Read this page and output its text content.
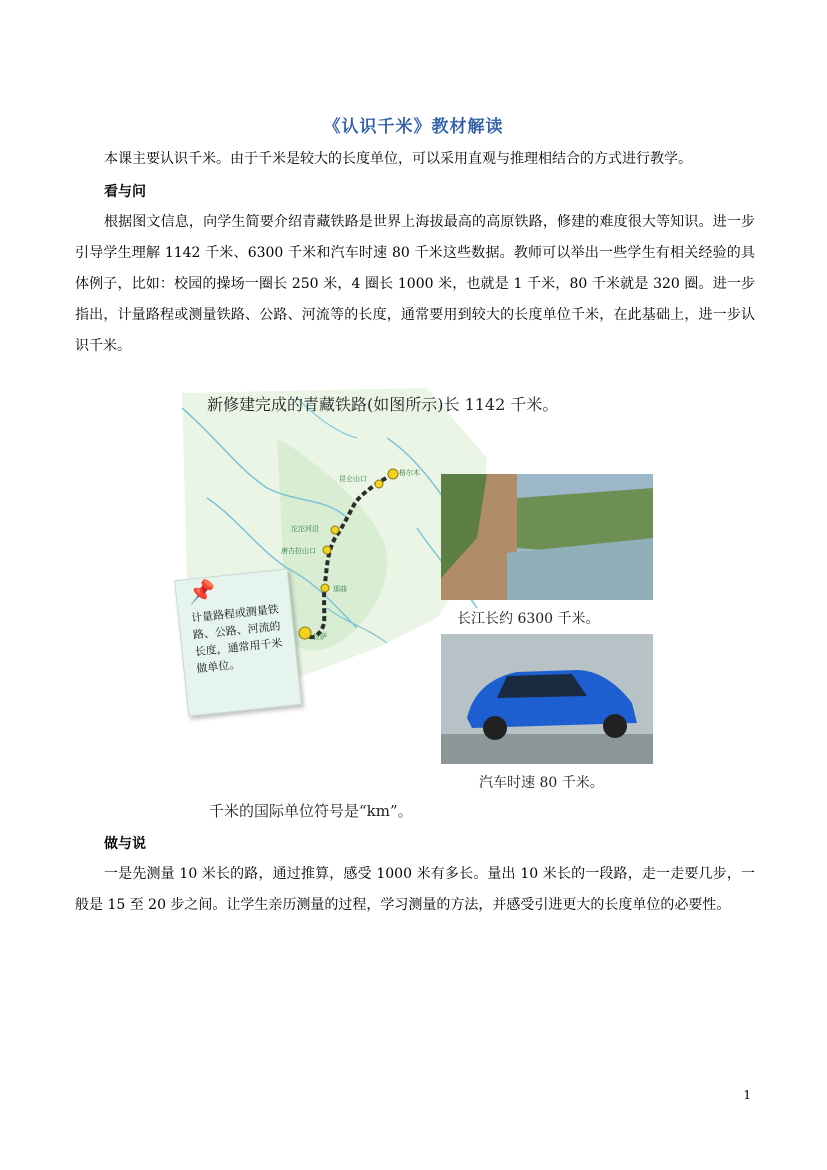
《认识千米》教材解读
本课主要认识千米。由于千米是较大的长度单位，可以采用直观与推理相结合的方式进行教学。
看与问
根据图文信息，向学生简要介绍青藏铁路是世界上海拔最高的高原铁路，修建的难度很大等知识。进一步引导学生理解 1142 千米、6300 千米和汽车时速 80 千米这些数据。教师可以举出一些学生有相关经验的具体例子，比如：校园的操场一圈长 250 米，4 圈长 1000 米，也就是 1 千米，80 千米就是 320 圈。进一步指出，计量路程或测量铁路、公路、河流等的长度，通常要用到较大的长度单位千米，在此基础上，进一步认识千米。
新修建完成的青藏铁路(如图所示)长 1142 千米。
格尔木
昆仑山口
沱沱河沿
唐古拉山口
那曲
拉萨
📌
计量路程或测量铁路、公路、河流的长度，通常用千米做单位。
长江长约 6300 千米。
汽车时速 80 千米。
千米的国际单位符号是“km”。
做与说
一是先测量 10 米长的路，通过推算，感受 1000 米有多长。量出 10 米长的一段路，走一走要几步，一般是 15 至 20 步之间。让学生亲历测量的过程，学习测量的方法，并感受引进更大的长度单位的必要性。
1
